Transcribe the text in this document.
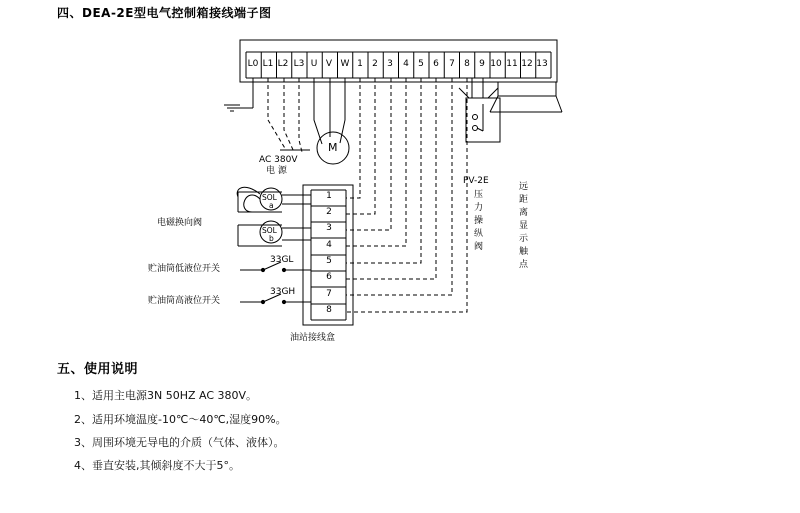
四、DEA-2E型电气控制箱接线端子图
L0 L1 L2 L3 U V W 1	2	3	4	5	6	7	8	9 10 11 12 13
M
AC 380V
电 源
SOL
a
SOL
b
电磁换向阀
33GL
贮油筒低液位开关
33GH
贮油筒高液位开关
1
2
3
4
5
6
7
8
油站接线盒
PV-2E
压
力
操
纵
阀
远
距
离
显
示
触
点
五、使用说明
1、适用主电源3N 50HZ AC 380V。
2、适用环境温度-10℃～40℃,湿度90%。
3、周围环境无导电的介质（气体、液体）。
4、垂直安装,其倾斜度不大于5°。
